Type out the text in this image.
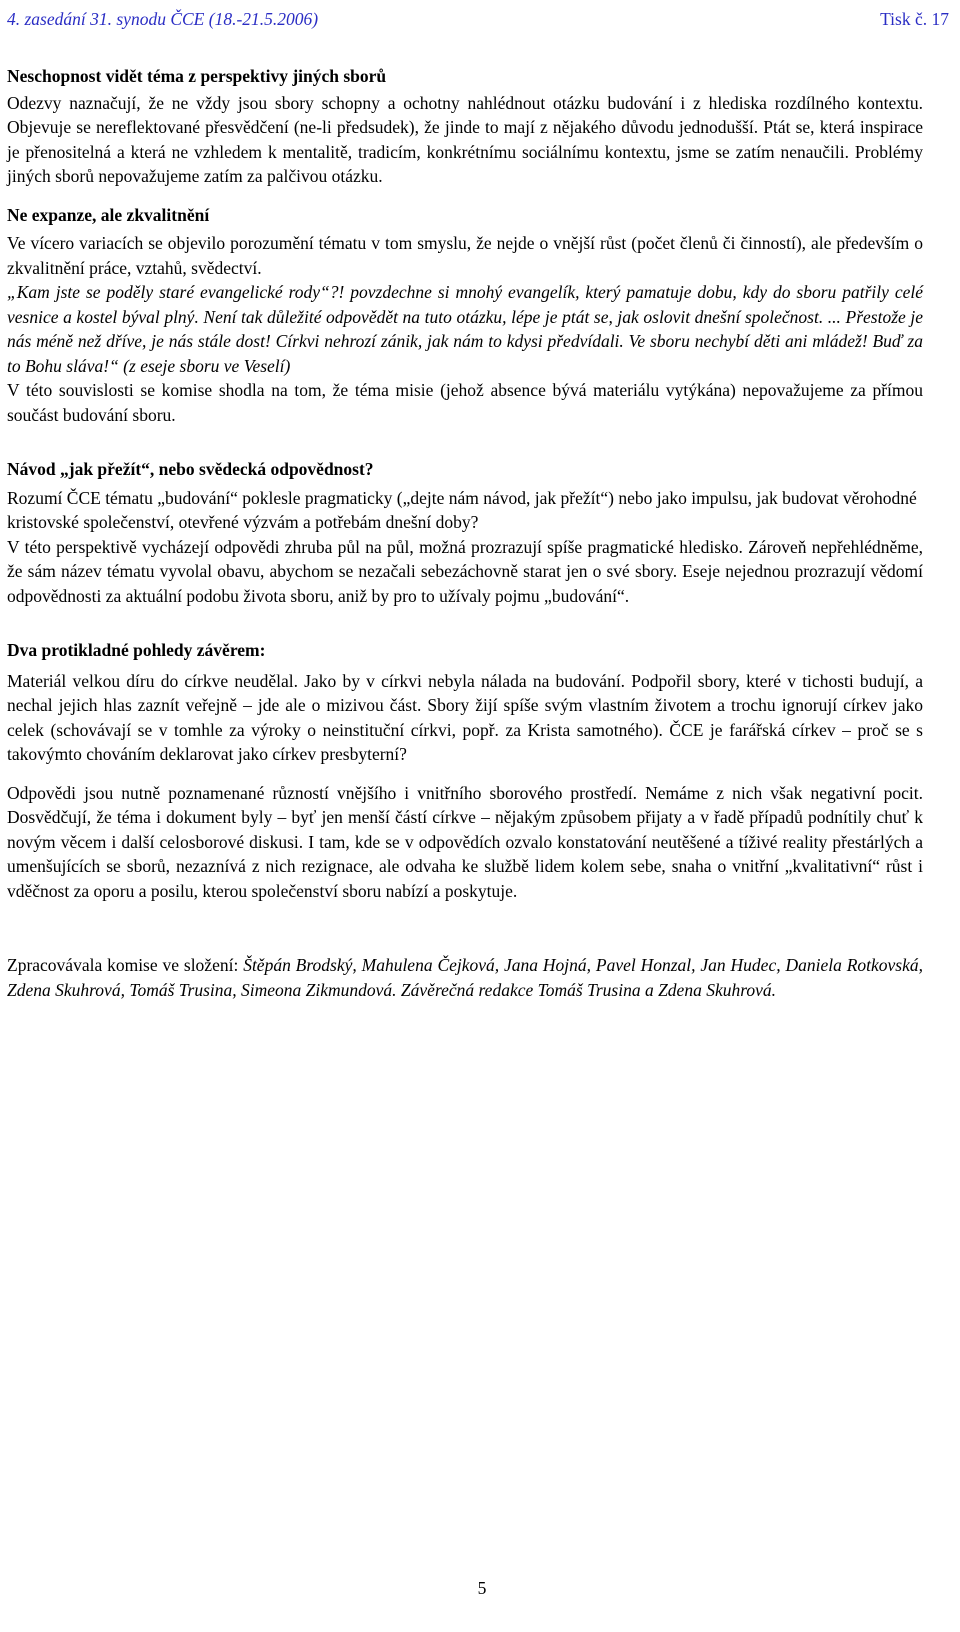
4. zasedání 31. synodu ČCE (18.-21.5.2006)	Tisk č. 17
Neschopnost vidět téma z perspektivy jiných sborů

Odezvy naznačují, že ne vždy jsou sbory schopny a ochotny nahlédnout otázku budování i z hlediska rozdílného kontextu. Objevuje se nereflektované přesvědčení (ne-li předsudek), že jinde to mají z nějakého důvodu jednodušší. Ptát se, která inspirace je přenositelná a která ne vzhledem k mentalitě, tradicím, konkrétnímu sociálnímu kontextu, jsme se zatím nenaučili. Problémy jiných sborů nepovažujeme zatím za palčivou otázku.

Ne expanze, ale zkvalitnění

Ve vícero variacích se objevilo porozumění tématu v tom smyslu, že nejde o vnější růst (počet členů či činností), ale především o zkvalitnění práce, vztahů, svědectví.

„Kam jste se poděly staré evangelické rody“?! povzdechne si mnohý evangelík, který pamatuje dobu, kdy do sboru patřily celé vesnice a kostel býval plný. Není tak důležité odpovědět na tuto otázku, lépe je ptát se, jak oslovit dnešní společnost. ... Přestože je nás méně než dříve, je nás stále dost! Církvi nehrozí zánik, jak nám to kdysi předvídali. Ve sboru nechybí děti ani mládež! Buď za to Bohu sláva!“ (z eseje sboru ve Veselí)

V této souvislosti se komise shodla na tom, že téma misie (jehož absence bývá materiálu vytýkána) nepovažujeme za přímou součást budování sboru.

Návod „jak přežít“, nebo svědecká odpovědnost?

Rozumí ČCE tématu „budování“ poklesle pragmaticky („dejte nám návod, jak přežít“) nebo jako impulsu, jak budovat věrohodné kristovské společenství, otevřené výzvám a potřebám dnešní doby?

V této perspektivě vycházejí odpovědi zhruba půl na půl, možná prozrazují spíše pragmatické hledisko. Zároveň nepřehlédněme, že sám název tématu vyvolal obavu, abychom se nezačali sebezáchovně starat jen o své sbory. Eseje nejednou prozrazují vědomí odpovědnosti za aktuální podobu života sboru, aniž by pro to užívaly pojmu „budování“.

Dva protikladné pohledy závěrem:

Materiál velkou díru do církve neudělal. Jako by v církvi nebyla nálada na budování. Podpořil sbory, které v tichosti budují, a nechal jejich hlas zaznít veřejně – jde ale o mizivou část. Sbory žijí spíše svým vlastním životem a trochu ignorují církev jako celek (schovávají se v tomhle za výroky o neinstituční církvi, popř. za Krista samotného). ČCE je farářská církev – proč se s takovýmto chováním deklarovat jako církev presbyterní?

Odpovědi jsou nutně poznamenané růzností vnějšího i vnitřního sborového prostředí. Nemáme z nich však negativní pocit. Dosvědčují, že téma i dokument byly – byť jen menší částí církve – nějakým způsobem přijaty a v řadě případů podnítily chuť k novým věcem i další celosborové diskusi. I tam, kde se v odpovědích ozvalo konstatování neutěšené a tíživé reality přestárlých a umenšujících se sborů, nezaznívá z nich rezignace, ale odvaha ke službě lidem kolem sebe, snaha o vnitřní „kvalitativní“ růst i vděčnost za oporu a posilu, kterou společenství sboru nabízí a poskytuje.

Zpracovávala komise ve složení: Štěpán Brodský, Mahulena Čejková, Jana Hojná, Pavel Honzal, Jan Hudec, Daniela Rotkovská, Zdena Skuhrová, Tomáš Trusina, Simeona Zikmundová. Závěrečná redakce Tomáš Trusina a Zdena Skuhrová.

5
